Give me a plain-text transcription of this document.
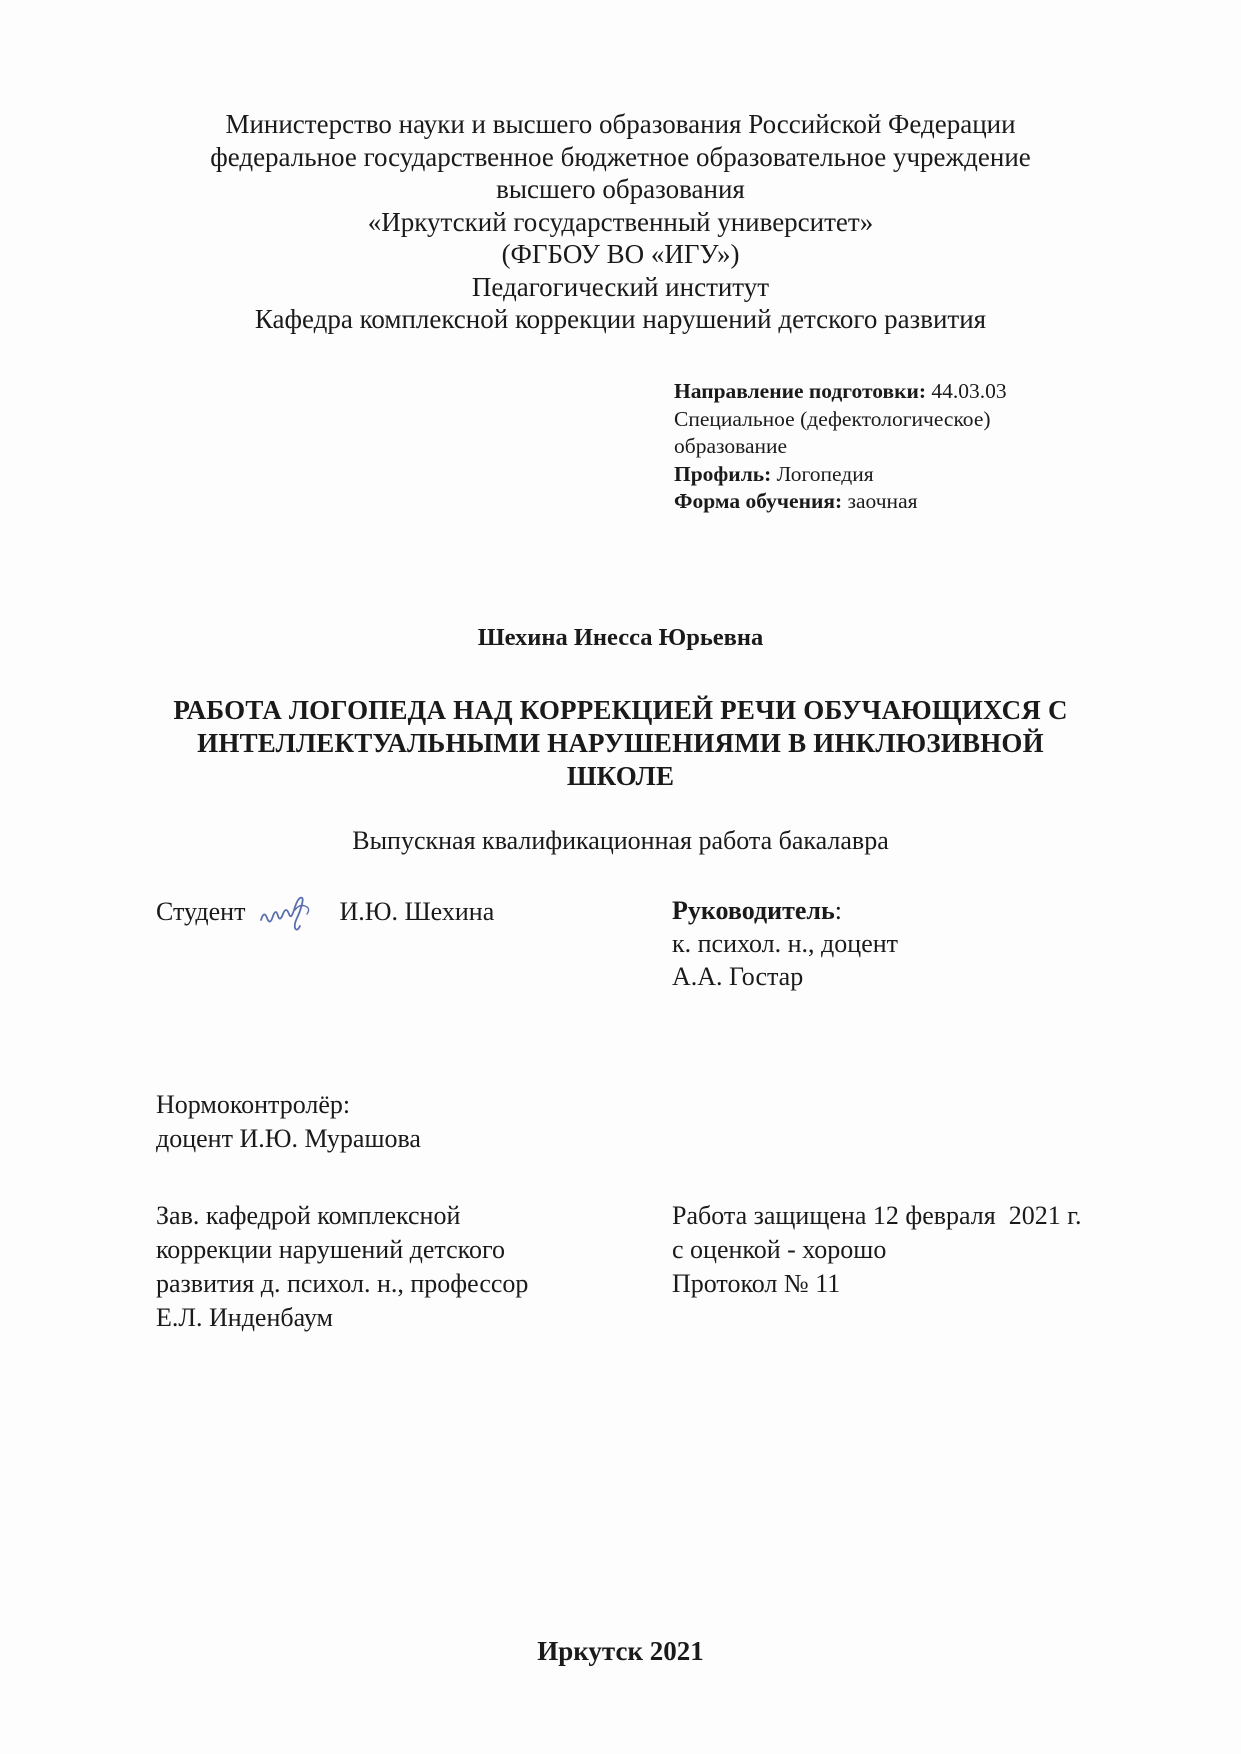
Министерство науки и высшего образования Российской Федерации
федеральное государственное бюджетное образовательное учреждение
высшего образования
«Иркутский государственный университет»
(ФГБОУ ВО «ИГУ»)
Педагогический институт
Кафедра комплексной коррекции нарушений детского развития
Направление подготовки: 44.03.03
Специальное (дефектологическое)
образование
Профиль: Логопедия
Форма обучения: заочная
Шехина Инесса Юрьевна
РАБОТА ЛОГОПЕДА НАД КОРРЕКЦИЕЙ РЕЧИ ОБУЧАЮЩИХСЯ С
ИНТЕЛЛЕКТУАЛЬНЫМИ НАРУШЕНИЯМИ В ИНКЛЮЗИВНОЙ
ШКОЛЕ
Выпускная квалификационная работа бакалавра
Студент	И.Ю. Шехина	Руководитель:
к. психол. н., доцент
А.А. Гостар
Нормоконтролёр:
доцент И.Ю. Мурашова
Зав. кафедрой комплексной
коррекции нарушений детского
развития д. психол. н., профессор
Е.Л. Инденбаум
Работа защищена 12 февраля  2021 г.
с оценкой - хорошо
Протокол № 11
Иркутск 2021
